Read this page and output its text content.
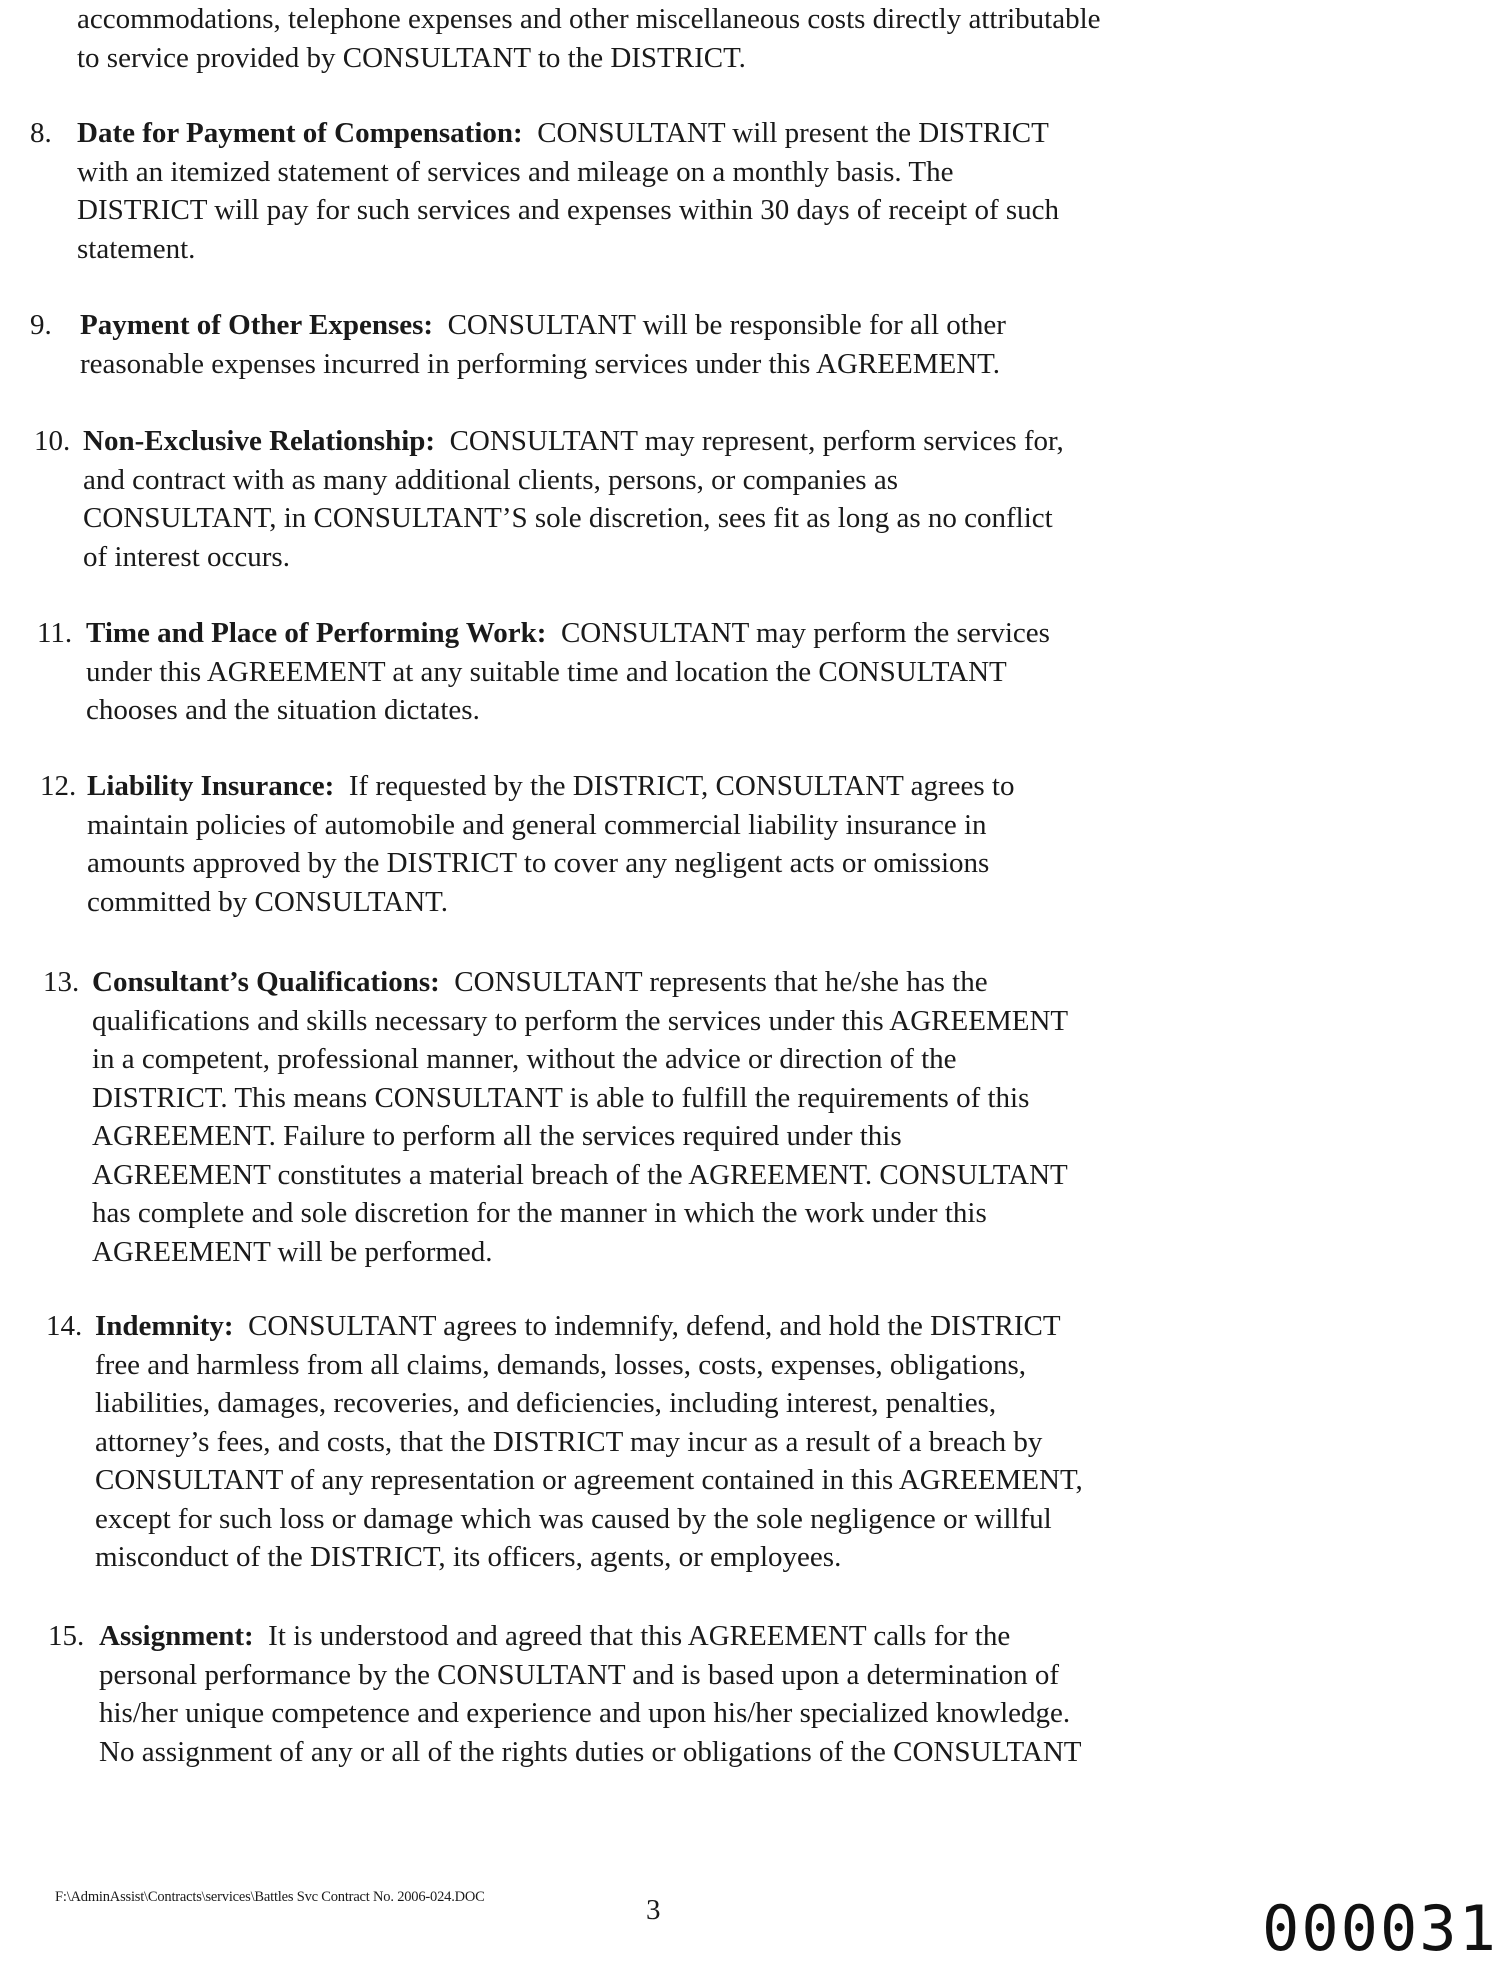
accommodations, telephone expenses and other miscellaneous costs directly attributable
to service provided by CONSULTANT to the DISTRICT.
8. Date for Payment of Compensation: CONSULTANT will present the DISTRICT
with an itemized statement of services and mileage on a monthly basis. The
DISTRICT will pay for such services and expenses within 30 days of receipt of such
statement.
9. Payment of Other Expenses: CONSULTANT will be responsible for all other
reasonable expenses incurred in performing services under this AGREEMENT.
10. Non-Exclusive Relationship: CONSULTANT may represent, perform services for,
and contract with as many additional clients, persons, or companies as
CONSULTANT, in CONSULTANT’S sole discretion, sees fit as long as no conflict
of interest occurs.
11. Time and Place of Performing Work: CONSULTANT may perform the services
under this AGREEMENT at any suitable time and location the CONSULTANT
chooses and the situation dictates.
12. Liability Insurance: If requested by the DISTRICT, CONSULTANT agrees to
maintain policies of automobile and general commercial liability insurance in
amounts approved by the DISTRICT to cover any negligent acts or omissions
committed by CONSULTANT.
13. Consultant’s Qualifications: CONSULTANT represents that he/she has the
qualifications and skills necessary to perform the services under this AGREEMENT
in a competent, professional manner, without the advice or direction of the
DISTRICT. This means CONSULTANT is able to fulfill the requirements of this
AGREEMENT. Failure to perform all the services required under this
AGREEMENT constitutes a material breach of the AGREEMENT. CONSULTANT
has complete and sole discretion for the manner in which the work under this
AGREEMENT will be performed.
14. Indemnity: CONSULTANT agrees to indemnify, defend, and hold the DISTRICT
free and harmless from all claims, demands, losses, costs, expenses, obligations,
liabilities, damages, recoveries, and deficiencies, including interest, penalties,
attorney’s fees, and costs, that the DISTRICT may incur as a result of a breach by
CONSULTANT of any representation or agreement contained in this AGREEMENT,
except for such loss or damage which was caused by the sole negligence or willful
misconduct of the DISTRICT, its officers, agents, or employees.
15. Assignment: It is understood and agreed that this AGREEMENT calls for the
personal performance by the CONSULTANT and is based upon a determination of
his/her unique competence and experience and upon his/her specialized knowledge.
No assignment of any or all of the rights duties or obligations of the CONSULTANT
F:\AdminAssist\Contracts\services\Battles Svc Contract No. 2006-024.DOC	3	000031
